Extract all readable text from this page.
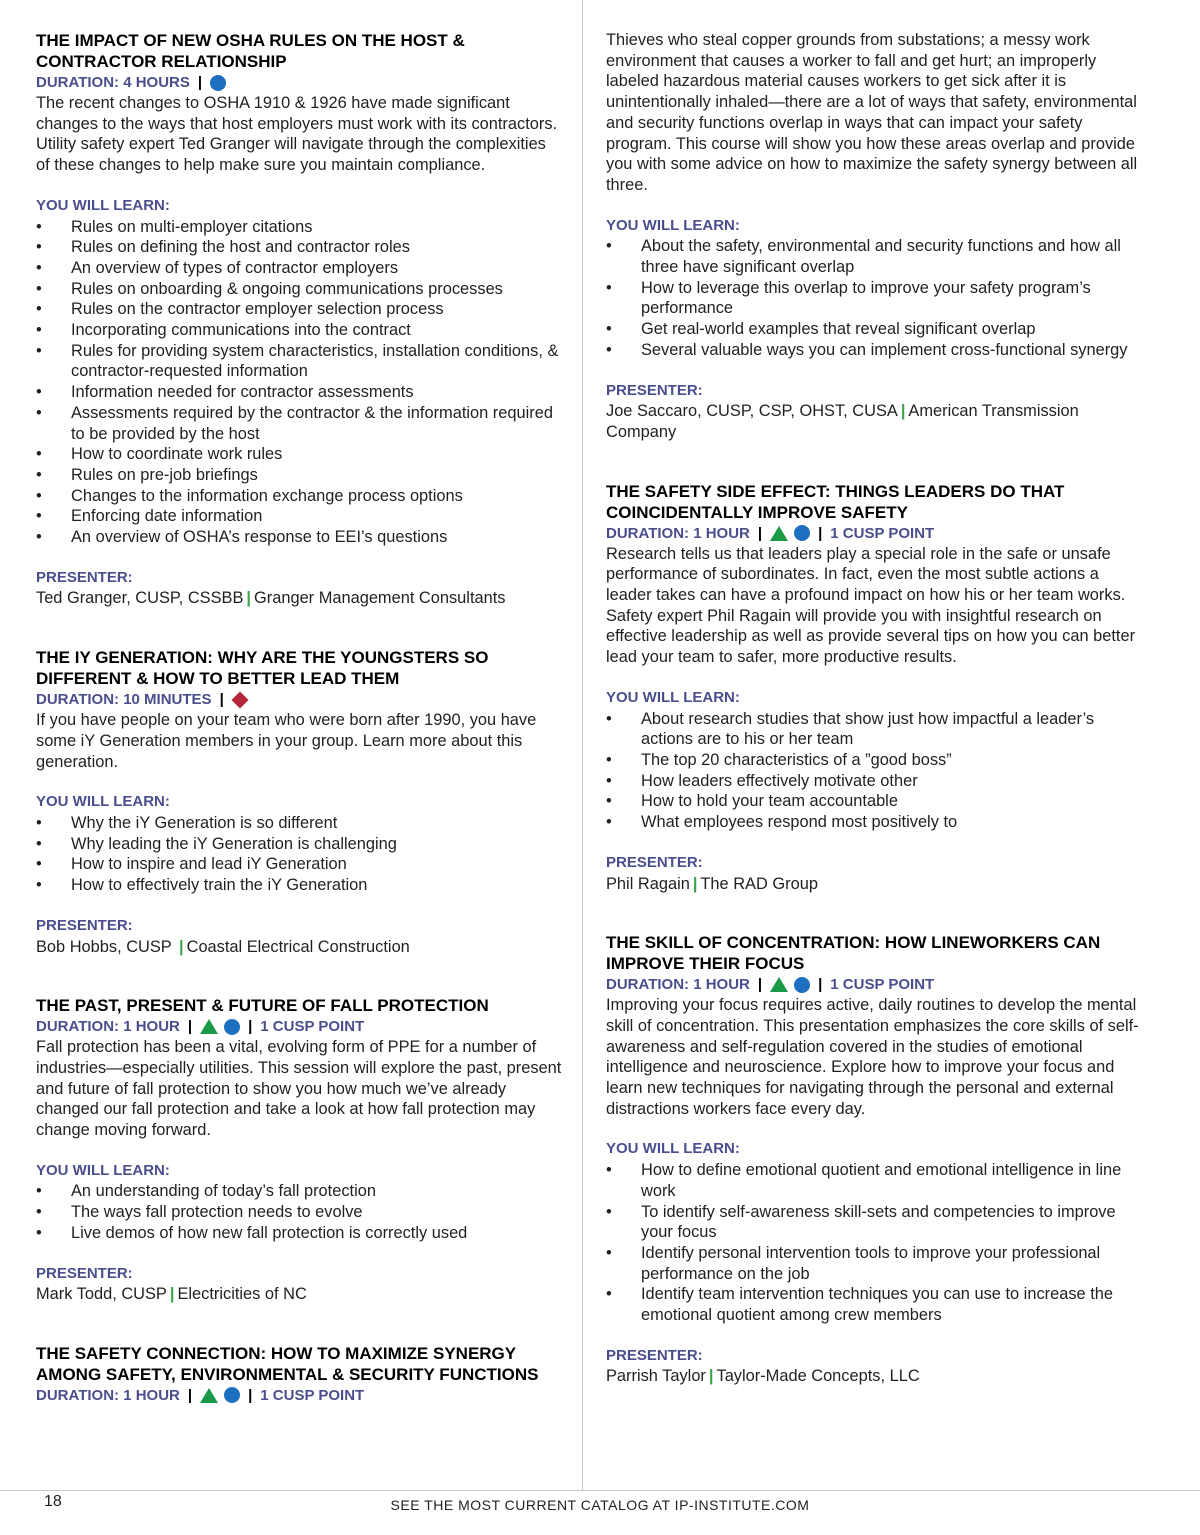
THE IMPACT OF NEW OSHA RULES ON THE HOST & CONTRACTOR RELATIONSHIP
DURATION: 4 HOURS |

The recent changes to OSHA 1910 & 1926 have made significant changes to the ways that host employers must work with its contractors. Utility safety expert Ted Granger will navigate through the complexities of these changes to help make sure you maintain compliance.

YOU WILL LEARN:
• Rules on multi-employer citations
• Rules on defining the host and contractor roles
• An overview of types of contractor employers
• Rules on onboarding & ongoing communications processes
• Rules on the contractor employer selection process
• Incorporating communications into the contract
• Rules for providing system characteristics, installation conditions, & contractor-requested information
• Information needed for contractor assessments
• Assessments required by the contractor & the information required to be provided by the host
• How to coordinate work rules
• Rules on pre-job briefings
• Changes to the information exchange process options
• Enforcing date information
• An overview of OSHA’s response to EEI’s questions
PRESENTER:
Ted Granger, CUSP, CSSBB | Granger Management Consultants
THE IY GENERATION: WHY ARE THE YOUNGSTERS SO DIFFERENT & HOW TO BETTER LEAD THEM
DURATION: 10 MINUTES |

If you have people on your team who were born after 1990, you have some iY Generation members in your group. Learn more about this generation.

YOU WILL LEARN:
• Why the iY Generation is so different
• Why leading the iY Generation is challenging
• How to inspire and lead iY Generation
• How to effectively train the iY Generation
PRESENTER:
Bob Hobbs, CUSP | Coastal Electrical Construction
THE PAST, PRESENT & FUTURE OF FALL PROTECTION
DURATION: 1 HOUR |	| 1 CUSP POINT

Fall protection has been a vital, evolving form of PPE for a number of industries—especially utilities. This session will explore the past, present and future of fall protection to show you how much we’ve already changed our fall protection and take a look at how fall protection may change moving forward.

YOU WILL LEARN:
• An understanding of today’s fall protection
• The ways fall protection needs to evolve
• Live demos of how new fall protection is correctly used
PRESENTER:
Mark Todd, CUSP | Electricities of NC
THE SAFETY CONNECTION: HOW TO MAXIMIZE SYNERGY AMONG SAFETY, ENVIRONMENTAL & SECURITY FUNCTIONS
DURATION: 1 HOUR |	| 1 CUSP POINT

Thieves who steal copper grounds from substations; a messy work environment that causes a worker to fall and get hurt; an improperly labeled hazardous material causes workers to get sick after it is unintentionally inhaled—there are a lot of ways that safety, environmental and security functions overlap in ways that can impact your safety program. This course will show you how these areas overlap and provide you with some advice on how to maximize the safety synergy between all three.

YOU WILL LEARN:
• About the safety, environmental and security functions and how all three have significant overlap
• How to leverage this overlap to improve your safety program’s performance
• Get real-world examples that reveal significant overlap
• Several valuable ways you can implement cross-functional synergy
PRESENTER:
Joe Saccaro, CUSP, CSP, OHST, CUSA | American Transmission Company
THE SAFETY SIDE EFFECT: THINGS LEADERS DO THAT COINCIDENTALLY IMPROVE SAFETY
DURATION: 1 HOUR |	| 1 CUSP POINT

Research tells us that leaders play a special role in the safe or unsafe performance of subordinates. In fact, even the most subtle actions a leader takes can have a profound impact on how his or her team works. Safety expert Phil Ragain will provide you with insightful research on effective leadership as well as provide several tips on how you can better lead your team to safer, more productive results.

YOU WILL LEARN:
• About research studies that show just how impactful a leader’s actions are to his or her team
• The top 20 characteristics of a ”good boss”
• How leaders effectively motivate other
• How to hold your team accountable
• What employees respond most positively to
PRESENTER:
Phil Ragain | The RAD Group
THE SKILL OF CONCENTRATION: HOW LINEWORKERS CAN IMPROVE THEIR FOCUS
DURATION: 1 HOUR |	| 1 CUSP POINT

Improving your focus requires active, daily routines to develop the mental skill of concentration. This presentation emphasizes the core skills of self-awareness and self-regulation covered in the studies of emotional intelligence and neuroscience. Explore how to improve your focus and learn new techniques for navigating through the personal and external distractions workers face every day.

YOU WILL LEARN:
• How to define emotional quotient and emotional intelligence in line work
• To identify self-awareness skill-sets and competencies to improve your focus
• Identify personal intervention tools to improve your professional performance on the job
• Identify team intervention techniques you can use to increase the emotional quotient among crew members
PRESENTER:
Parrish Taylor | Taylor-Made Concepts, LLC
18	SEE THE MOST CURRENT CATALOG AT IP-INSTITUTE.COM
